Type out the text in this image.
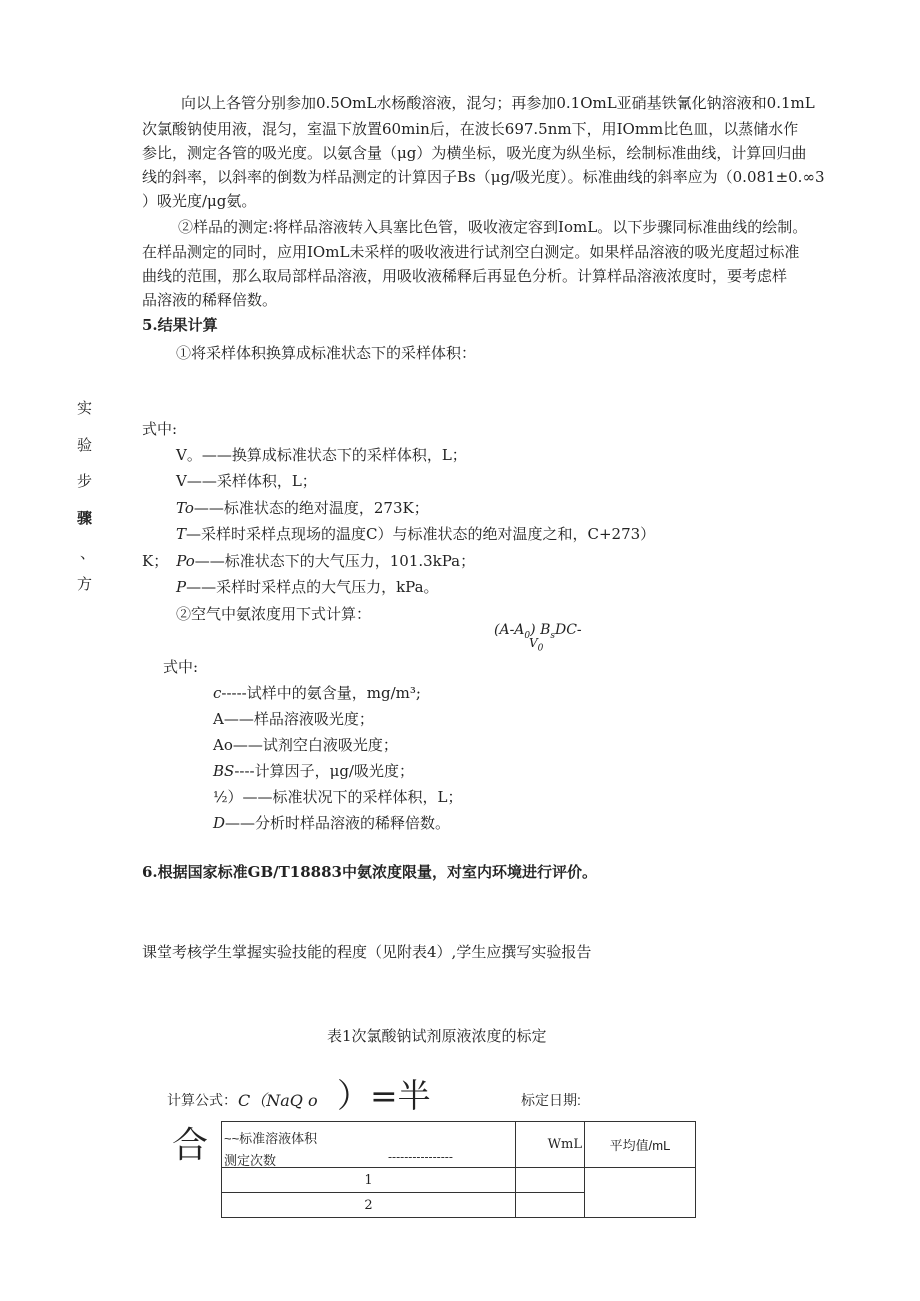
向以上各管分别参加0.5OmL水杨酸溶液，混匀；再参加0.1OmL亚硝基铁氰化钠溶液和0.1mL
次氯酸钠使用液，混匀，室温下放置60min后，在波长697.5nm下，用IOmm比色皿，以蒸储水作
参比，测定各管的吸光度。以氨含量（μg）为横坐标，吸光度为纵坐标，绘制标准曲线，计算回归曲
线的斜率，以斜率的倒数为样品测定的计算因子Bs（μg/吸光度）。标准曲线的斜率应为（0.081±0.∞3
）吸光度/μg氨。
②样品的测定:将样品溶液转入具塞比色管，吸收液定容到IomL。以下步骤同标准曲线的绘制。
在样品测定的同时，应用IOmL未采样的吸收液进行试剂空白测定。如果样品溶液的吸光度超过标准
曲线的范围，那么取局部样品溶液，用吸收液稀释后再显色分析。计算样品溶液浓度时，要考虑样
品溶液的稀释倍数。
5.结果计算
①将采样体积换算成标准状态下的采样体积：
实
验
步
骤
、
方
式中:
V。——换算成标准状态下的采样体积，L；
V——采样体积，L；
To——标准状态的绝对温度，273K；
T—采样时采样点现场的温度C）与标准状态的绝对温度之和，C+273）
K； Po——标准状态下的大气压力，101.3kPa；
P——采样时采样点的大气压力，kPa。
②空气中氨浓度用下式计算：
$(A-A_0)$ $B_sDC-$
$V_0$
式中:
c-----试样中的氨含量，mg/m³;
A——样品溶液吸光度；
Ao——试剂空白液吸光度；
BS----计算因子，μg/吸光度；
½）——标准状况下的采样体积，L；
D——分析时样品溶液的稀释倍数。
6.根据国家标准GB/T18883中氨浓度限量，对室内环境进行评价。
课堂考核学生掌握实验技能的程度（见附表4）,学生应撰写实验报告
表1次氯酸钠试剂原液浓度的标定
计算公式： C（NaQ o ）=半	标定日期:
合 ~~标准溶液体积
测定次数 ----------------	WmL	平均值/mL
1		
2		
